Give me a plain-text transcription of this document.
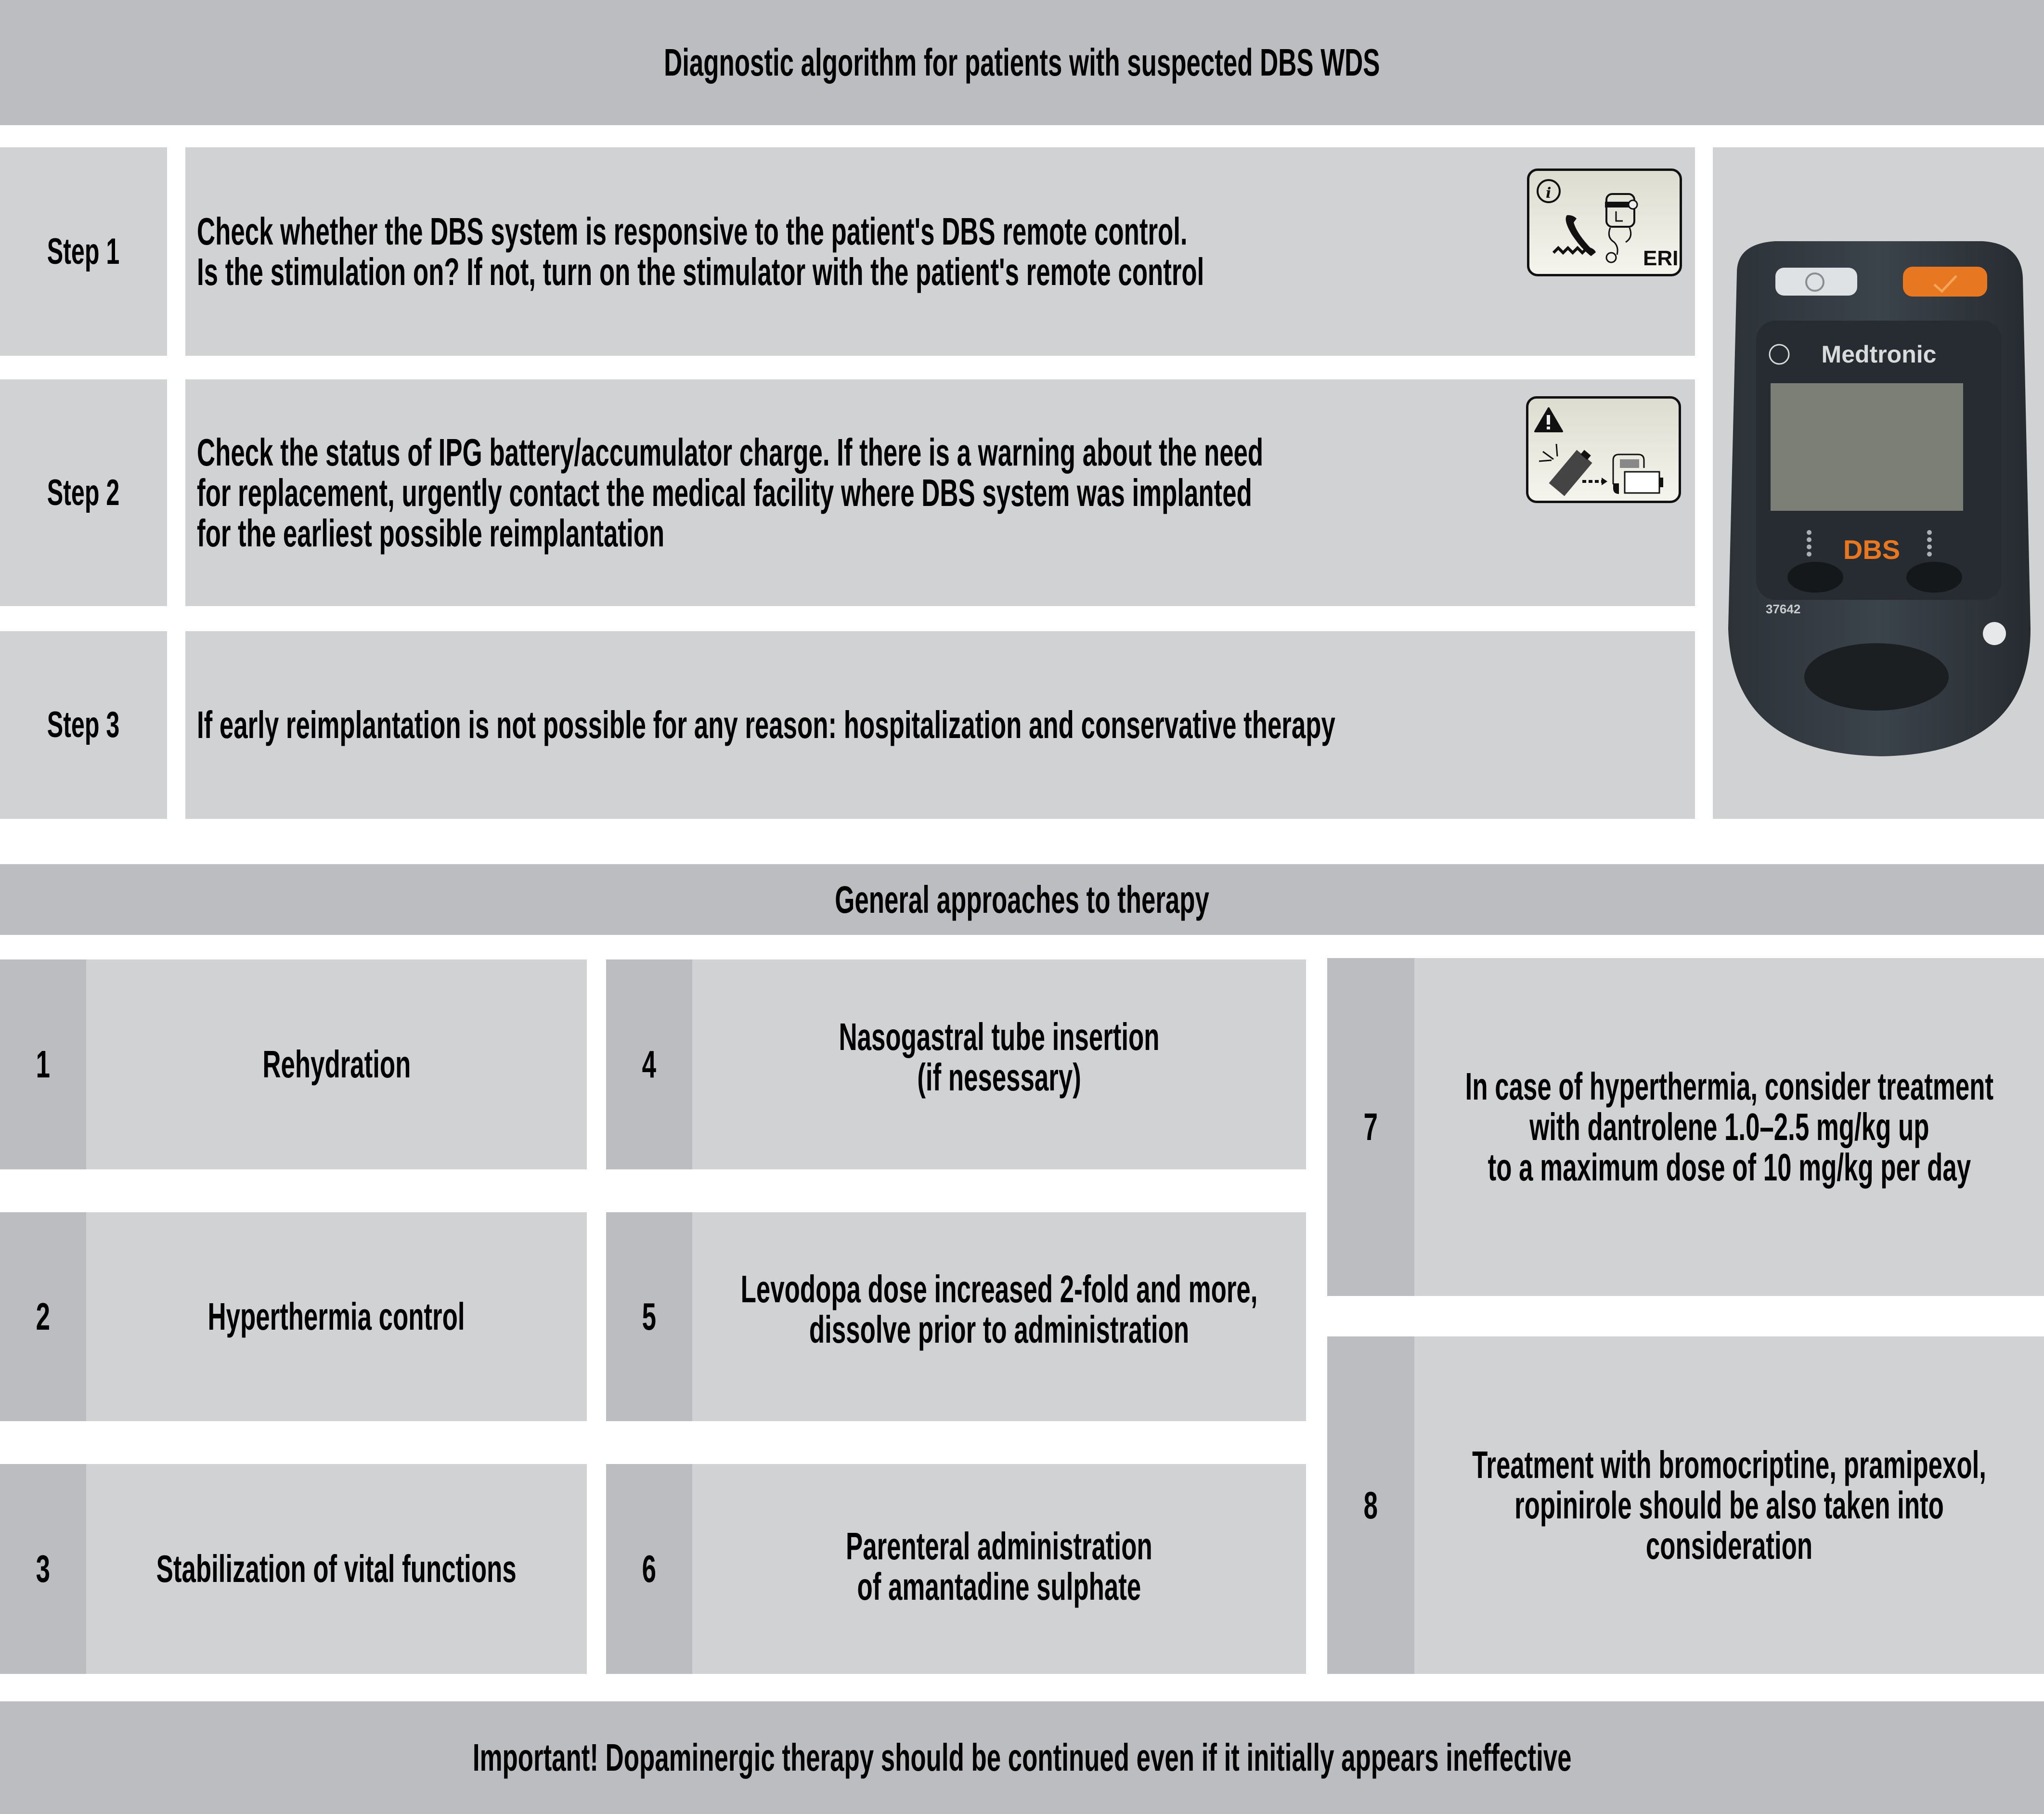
Diagnostic algorithm for patients with suspected DBS WDS
Step 1 Check whether the DBS system is responsive to the patient's DBS remote control.
Is the stimulation on? If not, turn on the stimulator with the patient's remote control
i
ERI
Step 2
Check the status of IPG battery/accumulator charge. If there is a warning about the need
for replacement, urgently contact the medical facility where DBS system was implanted
for the earliest possible reimplantation
Step 3 If early reimplantation is not possible for any reason: hospitalization and conservative therapy
Medtronic
DBS
37642
General approaches to therapy
1	Rehydration
2	Hyperthermia control
3	Stabilization of vital functions
4
Nasogastral tube insertion
(if nesessary)
5
Levodopa dose increased 2-fold and more,
dissolve prior to administration
6
Parenteral administration
of amantadine sulphate
7
In case of hyperthermia, consider treatment
with dantrolene 1.0–2.5 mg/kg up
to a maximum dose of 10 mg/kg per day
8
Treatment with bromocriptine, pramipexol,
ropinirole should be also taken into
consideration
Important! Dopaminergic therapy should be continued even if it initially appears ineffective
